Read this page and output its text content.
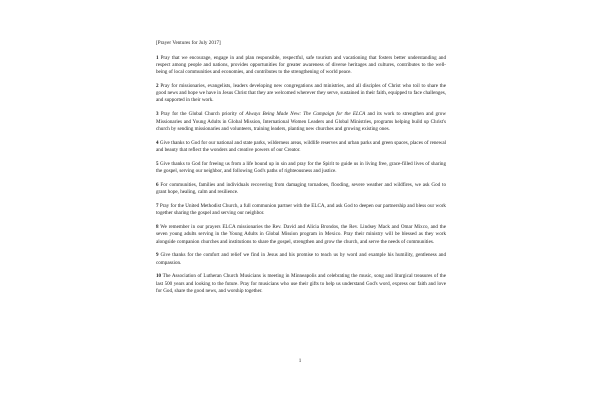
[Prayer Ventures for July 2017]

1 Pray that we encourage, engage in and plan responsible, respectful, safe tourism and vacationing that fosters better understanding and respect among people and nations, provides opportunities for greater awareness of diverse heritages and cultures, contributes to the well-being of local communities and economies, and contributes to the strengthening of world peace.

2 Pray for missionaries, evangelists, leaders developing new congregations and ministries, and all disciples of Christ who toil to share the good news and hope we have in Jesus Christ that they are welcomed wherever they serve, sustained in their faith, equipped to face challenges, and supported in their work.

3 Pray for the Global Church priority of Always Being Made New: The Campaign for the ELCA and its work to strengthen and grow Missionaries and Young Adults in Global Mission, International Women Leaders and Global Ministries, programs helping build up Christ's church by sending missionaries and volunteers, training leaders, planting new churches and growing existing ones.

4 Give thanks to God for our national and state parks, wilderness areas, wildlife reserves and urban parks and green spaces, places of renewal and beauty that reflect the wonders and creative powers of our Creator.

5 Give thanks to God for freeing us from a life bound up in sin and pray for the Spirit to guide us in living free, grace-filled lives of sharing the gospel, serving our neighbor, and following God's paths of righteousness and justice.

6 For communities, families and individuals recovering from damaging tornadoes, flooding, severe weather and wildfires, we ask God to grant hope, healing, calm and resilience.

7 Pray for the United Methodist Church, a full communion partner with the ELCA, and ask God to deepen our partnership and bless our work together sharing the gospel and serving our neighbor.

8 We remember in our prayers ELCA missionaries the Rev. David and Alicia Brondos, the Rev. Lindsey Mack and Omar Mixco, and the seven young adults serving in the Young Adults in Global Mission program in Mexico. Pray their ministry will be blessed as they work alongside companion churches and institutions to share the gospel, strengthen and grow the church, and serve the needs of communities.

9 Give thanks for the comfort and relief we find in Jesus and his promise to teach us by word and example his humility, gentleness and compassion.

10 The Association of Lutheran Church Musicians is meeting in Minneapolis and celebrating the music, song and liturgical treasures of the last 500 years and looking to the future. Pray for musicians who use their gifts to help us understand God's word, express our faith and love for God, share the good news, and worship together.

1
